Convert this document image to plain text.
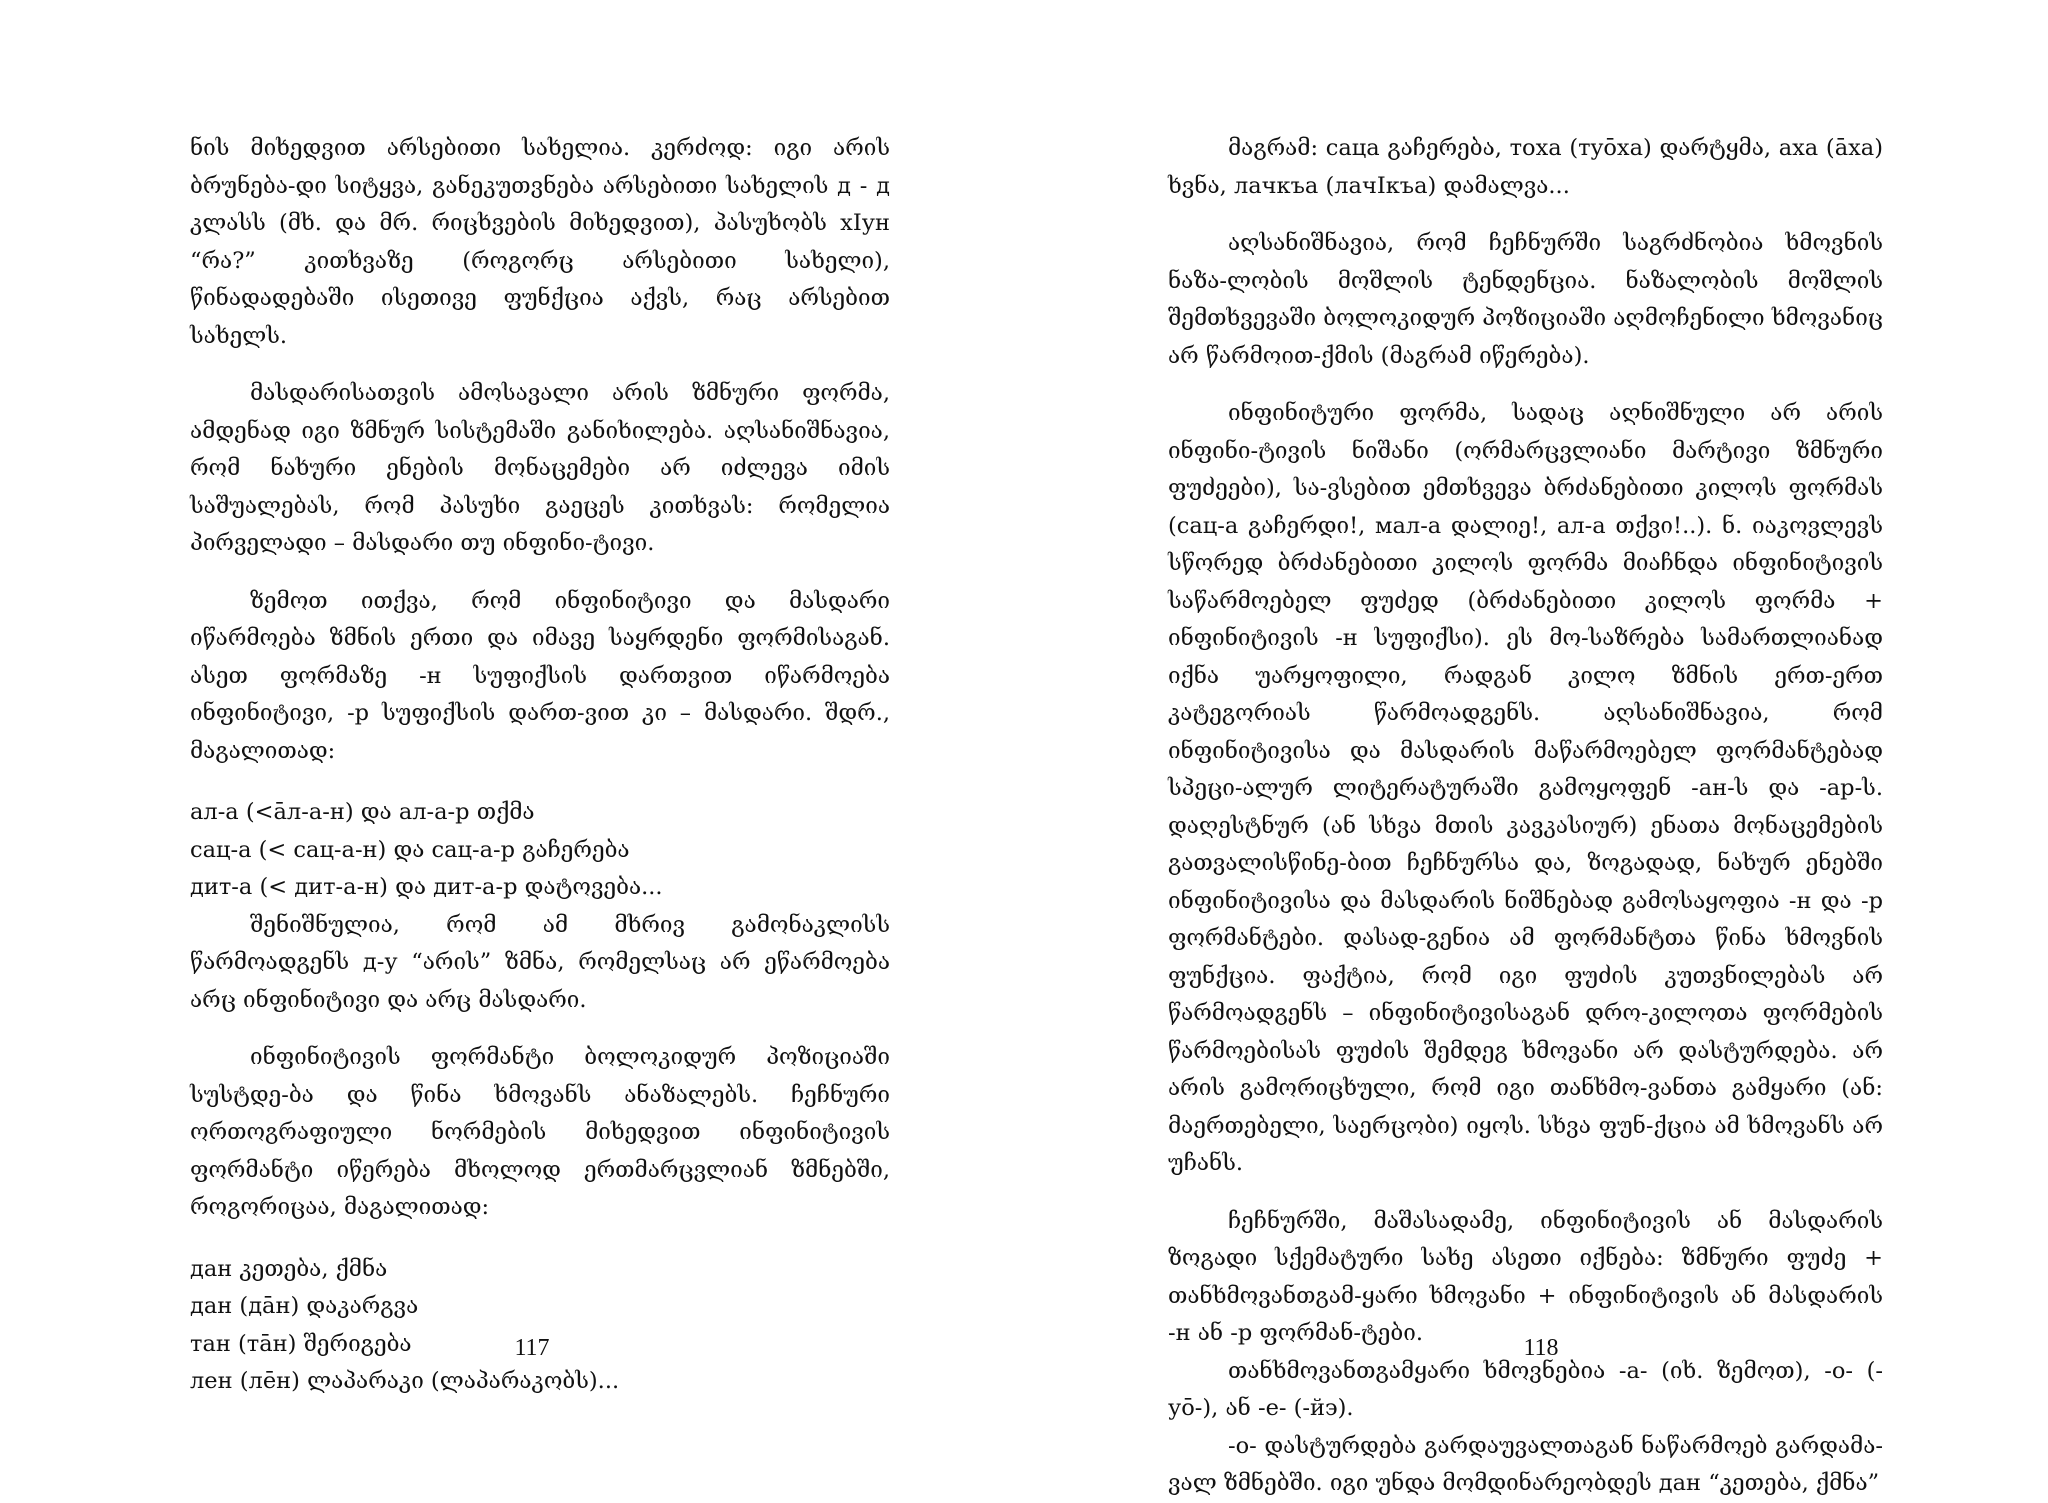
ნის მიხედვით არსებითი სახელია. კერძოდ: იგი არის ბრუნება-დი სიტყვა, განეკუთვნება არსებითი სახელის д - д კლასს (მხ. და მრ. რიცხვების მიხედვით), პასუხობს хIун “რა?” კითხვაზე (როგორც არსებითი სახელი), წინადადებაში ისეთივე ფუნქცია აქვს, რაც არსებით სახელს.

მასდარისათვის ამოსავალი არის ზმნური ფორმა, ამდენად იგი ზმნურ სისტემაში განიხილება. აღსანიშნავია, რომ ნახური ენების მონაცემები არ იძლევა იმის საშუალებას, რომ პასუხი გაეცეს კითხვას: რომელია პირველადი – მასდარი თუ ინფინი-ტივი.

ზემოთ ითქვა, რომ ინფინიტივი და მასდარი იწარმოება ზმნის ერთი და იმავე საყრდენი ფორმისაგან. ასეთ ფორმაზე -н სუფიქსის დართვით იწარმოება ინფინიტივი, -р სუფიქსის დართ-ვით კი – მასდარი. შდრ., მაგალითად:

ал-а (<āл-а-н) და ал-а-р თქმა
сац-а (< сац-а-н) და сац-а-р გაჩერება
дит-а (< дит-а-н) და дит-а-р დატოვება...

შენიშნულია, რომ ამ მხრივ გამონაკლისს წარმოადგენს д-у “არის” ზმნა, რომელსაც არ ეწარმოება არც ინფინიტივი და არც მასდარი.

ინფინიტივის ფორმანტი ბოლოკიდურ პოზიციაში სუსტდე-ბა და წინა ხმოვანს ანაზალებს. ჩეჩნური ორთოგრაფიული ნორმების მიხედვით ინფინიტივის ფორმანტი იწერება მხოლოდ ერთმარცვლიან ზმნებში, როგორიცაა, მაგალითად:

дан კეთება, ქმნა
дан (дāн) დაკარგვა
тан (тāн) შერიგება
лен (лēн) ლაპარაკი (ლაპარაკობს)...
117

მაგრამ: саца გაჩერება, тоха (тyōха) დარტყმა, аха (āха) ხვნა, лачкъа (лачIкъа) დამალვა...

აღსანიშნავია, რომ ჩეჩნურში საგრძნობია ხმოვნის ნაზა-ლობის მოშლის ტენდენცია. ნაზალობის მოშლის შემთხვევაში ბოლოკიდურ პოზიციაში აღმოჩენილი ხმოვანიც არ წარმოით-ქმის (მაგრამ იწერება).

ინფინიტური ფორმა, სადაც აღნიშნული არ არის ინფინი-ტივის ნიშანი (ორმარცვლიანი მარტივი ზმნური ფუძეები), სა-ვსებით ემთხვევა ბრძანებითი კილოს ფორმას (сац-а გაჩერდი!, мал-а დალიე!, ал-а თქვი!..). ნ. იაკოვლევს სწორედ ბრძანებითი კილოს ფორმა მიაჩნდა ინფინიტივის საწარმოებელ ფუძედ (ბრძანებითი კილოს ფორმა + ინფინიტივის -н სუფიქსი). ეს მო-საზრება სამართლიანად იქნა უარყოფილი, რადგან კილო ზმნის ერთ-ერთ კატეგორიას წარმოადგენს. აღსანიშნავია, რომ ინფინიტივისა და მასდარის მაწარმოებელ ფორმანტებად სპეცი-ალურ ლიტერატურაში გამოყოფენ -ан-ს და -ар-ს. დაღესტნურ (ან სხვა მთის კავკასიურ) ენათა მონაცემების გათვალისწინე-ბით ჩეჩნურსა და, ზოგადად, ნახურ ენებში ინფინიტივისა და მასდარის ნიშნებად გამოსაყოფია -н და -р ფორმანტები. დასად-გენია ამ ფორმანტთა წინა ხმოვნის ფუნქცია. ფაქტია, რომ იგი ფუძის კუთვნილებას არ წარმოადგენს – ინფინიტივისაგან დრო-კილოთა ფორმების წარმოებისას ფუძის შემდეგ ხმოვანი არ დასტურდება. არ არის გამორიცხული, რომ იგი თანხმო-ვანთა გამყარი (ან: მაერთებელი, საერცობი) იყოს. სხვა ფუნ-ქცია ამ ხმოვანს არ უჩანს.

ჩეჩნურში, მაშასადამე, ინფინიტივის ან მასდარის ზოგადი სქემატური სახე ასეთი იქნება: ზმნური ფუძე + თანხმოვანთგამ-ყარი ხმოვანი + ინფინიტივის ან მასდარის -н ან -р ფორმან-ტები.

თანხმოვანთგამყარი ხმოვნებია -а- (იხ. ზემოთ), -о- (-уō-), ან -е- (-йэ).

-о- დასტურდება გარდაუვალთაგან ნაწარმოებ გარდამა-ვალ ზმნებში. იგი უნდა მომდინარეობდეს дан “კეთება, ქმნა”

118
